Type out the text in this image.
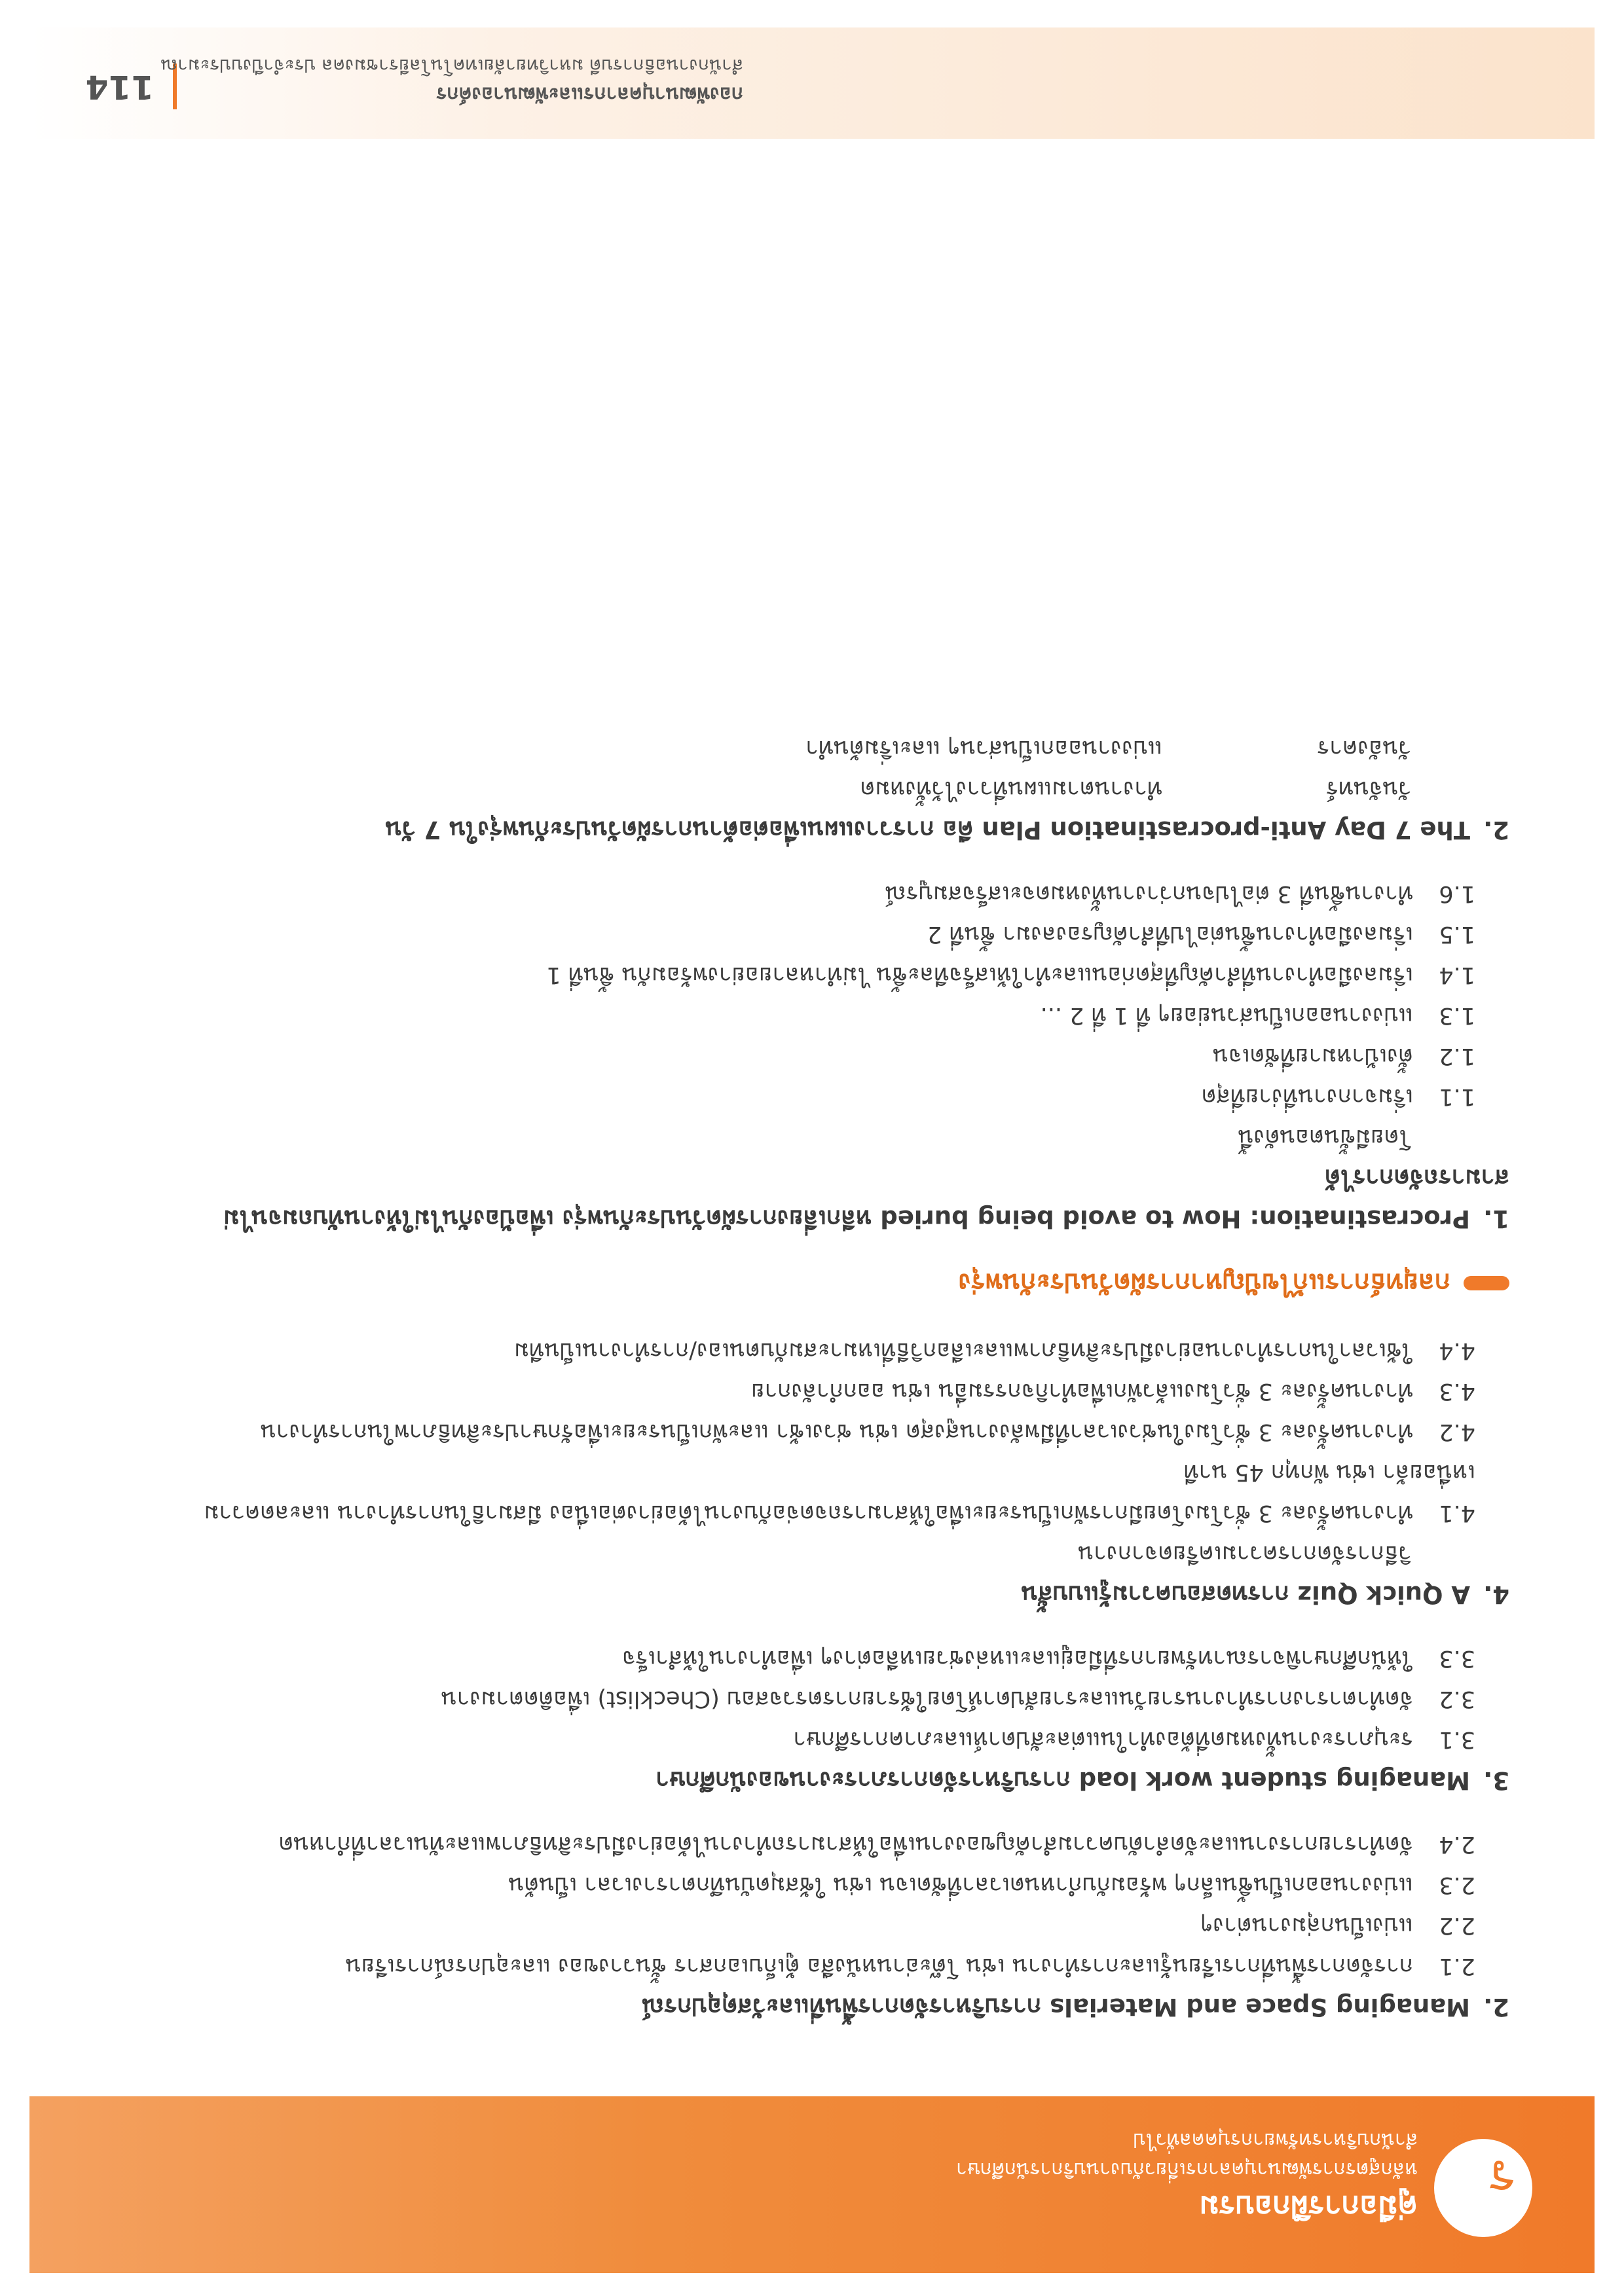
ร
คู่มือการฝึกอบรม
หลักสูตรการพัฒนาบุคลากรเกี่ยวกับงานบริการนักศึกษา
สำนักบริหารทรัพยากรบุคคลทั่วไป
2.Managing Space and Materials การบริหารจัดการพื้นที่และวัสดุอุปกรณ์
2.1การจัดการพื้นที่การเรียนรู้และการทำงาน เช่น โต๊ะอ่านหนังสือ ตู้เก็บเอกสาร ชั้นวางของ และอุปกรณ์การเรียน
2.2แบ่งเป็นกลุ่มงานต่างๆ
2.3แบ่งงานออกเป็นชิ้นเล็กๆ พร้อมกับกำหนดเวลาที่ชัดเจน เช่น ใช้สมุดบันทึกตารางเวลา เป็นต้น
2.4จัดทำรายการงานและจัดลำดับความสำคัญของงานเพื่อให้สามารถทำงานได้อย่างมีประสิทธิภาพและทันเวลาที่กำหนด
3.Managing student work load การบริหารจัดการภาระงานของนักศึกษา
3.1ระบุภาระงานทั้งหมดที่ต้องทำในแต่ละสัปดาห์และภาคการศึกษา
3.2จัดทำตารางการทำงานรายวันและรายสัปดาห์โดยใช้รายการตรวจสอบ (Checklist) เพื่อติดตามงาน
3.3ให้นักศึกษาพิจารณาทรัพยากรที่มีอยู่และแหล่งช่วยเหลือต่างๆ เพื่อทำงานให้สำเร็จ
4.A Quick Quiz การทดสอบความรู้แบบสั้น
วิธีการจัดการความเครียดจากงาน
4.1ทำงานครั้งละ 3 ชั่วโมงโดยมีการพักเป็นระยะเพื่อให้สามารถจดจ่อกับงานได้อย่างต่อเนื่อง มีสมาธิในการทำงาน และลดความเหนื่อยล้า เช่น พักทุก 45 นาที
4.2ทำงานครั้งละ 3 ชั่วโมงในช่วงเวลาที่มีพลังงานสูงสุด เช่น ช่วงเช้า และพักเป็นระยะเพื่อรักษาประสิทธิภาพในการทำงาน
4.3ทำงานครั้งละ 3 ชั่วโมงแล้วพักเพื่อทำกิจกรรมอื่น เช่น ออกกำลังกาย
4.4ใช้เวลาในการทำงานอย่างมีประสิทธิภาพและเลือกวิธีที่เหมาะสมกับตนเอง/การทำงานเป็นทีม
กลยุทธ์การแก้ไขปัญหาการผัดวันประกันพรุ่ง
1.Procrastination: How to avoid being buried หลีกเลี่ยงการผัดวันประกันพรุ่ง เพื่อป้องกันไม่ให้งานทับถมจนไม่สามารถจัดการได้
โดยมีขั้นตอนดังนี้
1.1เริ่มจากงานที่ง่ายที่สุด
1.2ตั้งเป้าหมายที่ชัดเจน
1.3แบ่งงานออกเป็นส่วนย่อยๆ ที่ 1 ที่ 2 ...
1.4เริ่มลงมือทำงานที่สำคัญที่สุดก่อนและทำให้เสร็จทีละชิ้น ไม่ทำหลายอย่างพร้อมกัน ชิ้นที่ 1
1.5เริ่มลงมือทำงานชิ้นต่อไปที่สำคัญรองลงมา ชิ้นที่ 2
1.6ทำงานชิ้นที่ 3 ต่อไปจนกว่างานทั้งหมดจะเสร็จสมบูรณ์
2.The 7 Day Anti-procrastination Plan คือ การวางแผนเพื่อต่อต้านการผัดวันประกันพรุ่งใน 7 วัน
วันจันทร์ทำงานตามแผนที่วางไว้ทั้งหมด
วันอังคารแบ่งงานออกเป็นส่วนๆ และเริ่มต้นทำ
114	กองพัฒนาบุคลากรและพัฒนาองค์กร
สำนักงานอธิการบดี มหาวิทยาลัยเทคโนโลยีราชมงคล ประจำปีงบประมาณ
